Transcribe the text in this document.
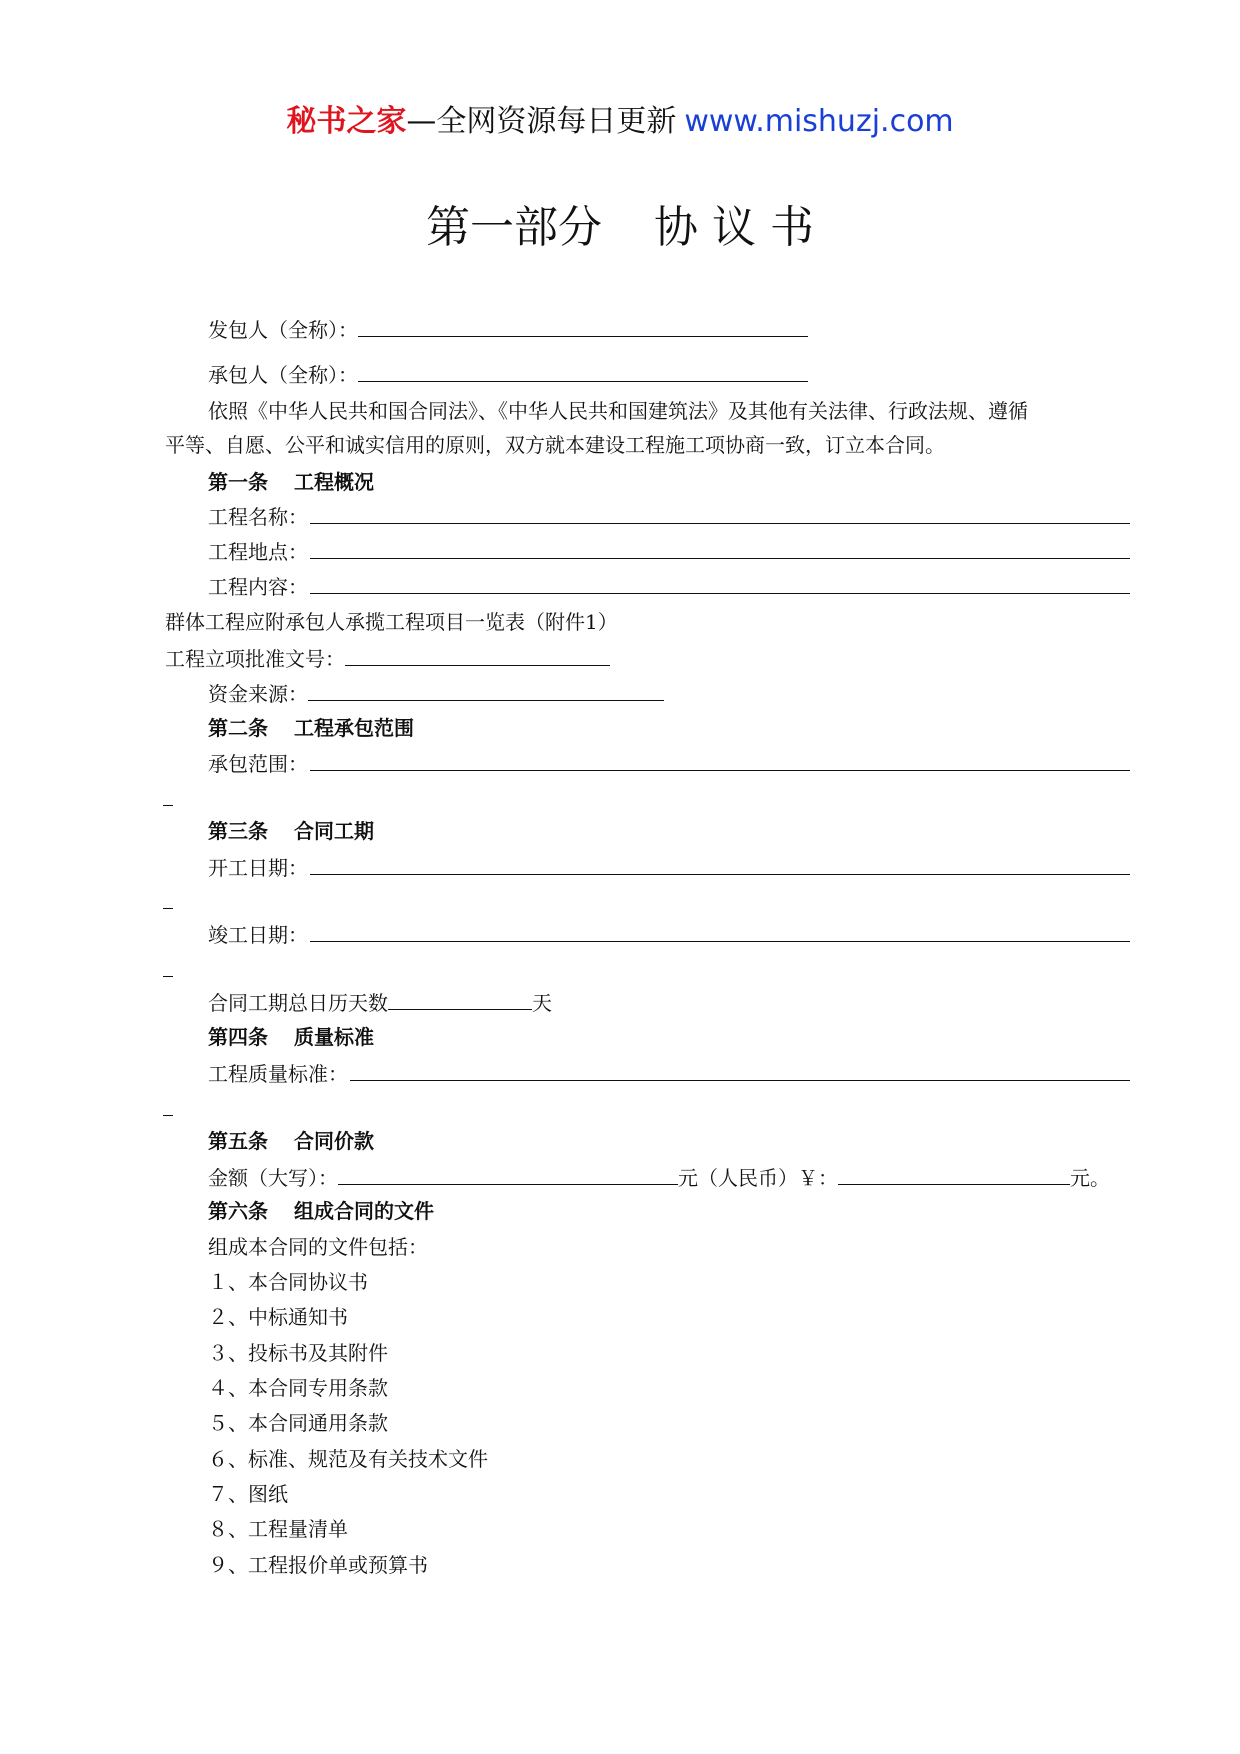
秘书之家—全网资源每日更新 www.mishuzj.com
第一部分 协 议 书
发包人（全称）：
承包人（全称）：
依照《中华人民共和国合同法》、《中华人民共和国建筑法》及其他有关法律、行政法规、遵循
平等、自愿、公平和诚实信用的原则，双方就本建设工程施工项协商一致，订立本合同。
第一条 工程概况
工程名称：
工程地点：
工程内容：
群体工程应附承包人承揽工程项目一览表（附件1）
工程立项批准文号：
资金来源：
第二条 工程承包范围
承包范围：
第三条 合同工期
开工日期：
竣工日期：
合同工期总日历天数	天
第四条 质量标准
工程质量标准：
第五条 合同价款
金额（大写）：	元（人民币）￥：	元。
第六条 组成合同的文件
组成本合同的文件包括：
１、本合同协议书
２、中标通知书
３、投标书及其附件
４、本合同专用条款
５、本合同通用条款
６、标准、规范及有关技术文件
７、图纸
８、工程量清单
９、工程报价单或预算书
